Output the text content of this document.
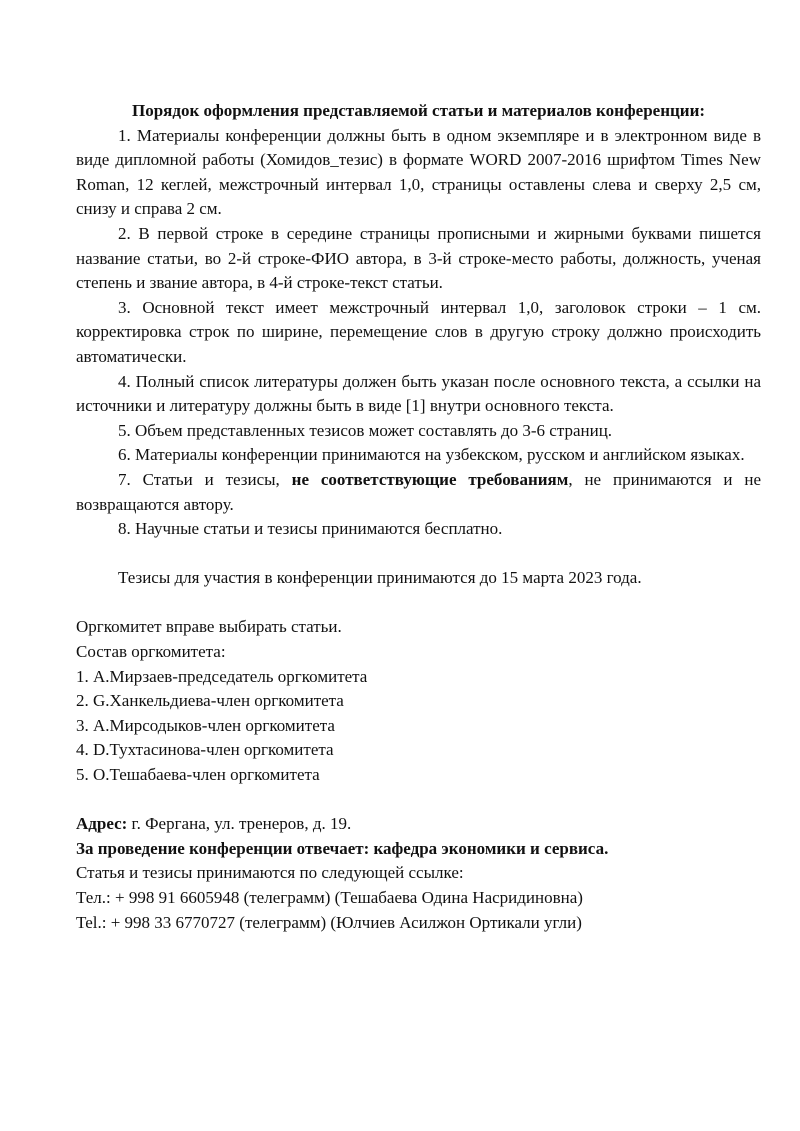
Порядок оформления представляемой статьи и материалов конференции:

1. Материалы конференции должны быть в одном экземпляре и в электронном виде в виде дипломной работы (Хомидов_тезис) в формате WORD 2007-2016 шрифтом Times New Roman, 12 кеглей, межстрочный интервал 1,0, страницы оставлены слева и сверху 2,5 см, снизу и справа 2 см.

2. В первой строке в середине страницы прописными и жирными буквами пишется название статьи, во 2-й строке-ФИО автора, в 3-й строке-место работы, должность, ученая степень и звание автора, в 4-й строке-текст статьи.

3. Основной текст имеет межстрочный интервал 1,0, заголовок строки – 1 см. корректировка строк по ширине, перемещение слов в другую строку должно происходить автоматически.

4. Полный список литературы должен быть указан после основного текста, а ссылки на источники и литературу должны быть в виде [1] внутри основного текста.

5. Объем представленных тезисов может составлять до 3-6 страниц.

6. Материалы конференции принимаются на узбекском, русском и английском языках.

7. Статьи и тезисы, не соответствующие требованиям, не принимаются и не возвращаются автору.

8. Научные статьи и тезисы принимаются бесплатно.

Тезисы для участия в конференции принимаются до 15 марта 2023 года.

Оргкомитет вправе выбирать статьи.

Состав оргкомитета:

1. А.Мирзаев-председатель оргкомитета

2. G.Ханкельдиева-член оргкомитета

3. А.Мирсодыков-член оргкомитета

4. D.Тухтасинова-член оргкомитета

5. О.Тешабаева-член оргкомитета

Адрес: г. Фергана, ул. тренеров, д. 19.

За проведение конференции отвечает: кафедра экономики и сервиса.

Статья и тезисы принимаются по следующей ссылке:

Тел.: + 998 91 6605948 (телеграмм) (Тешабаева Одина Насридиновна)

Tel.: + 998 33 6770727 (телеграмм) (Юлчиев Асилжон Ортикали угли)
